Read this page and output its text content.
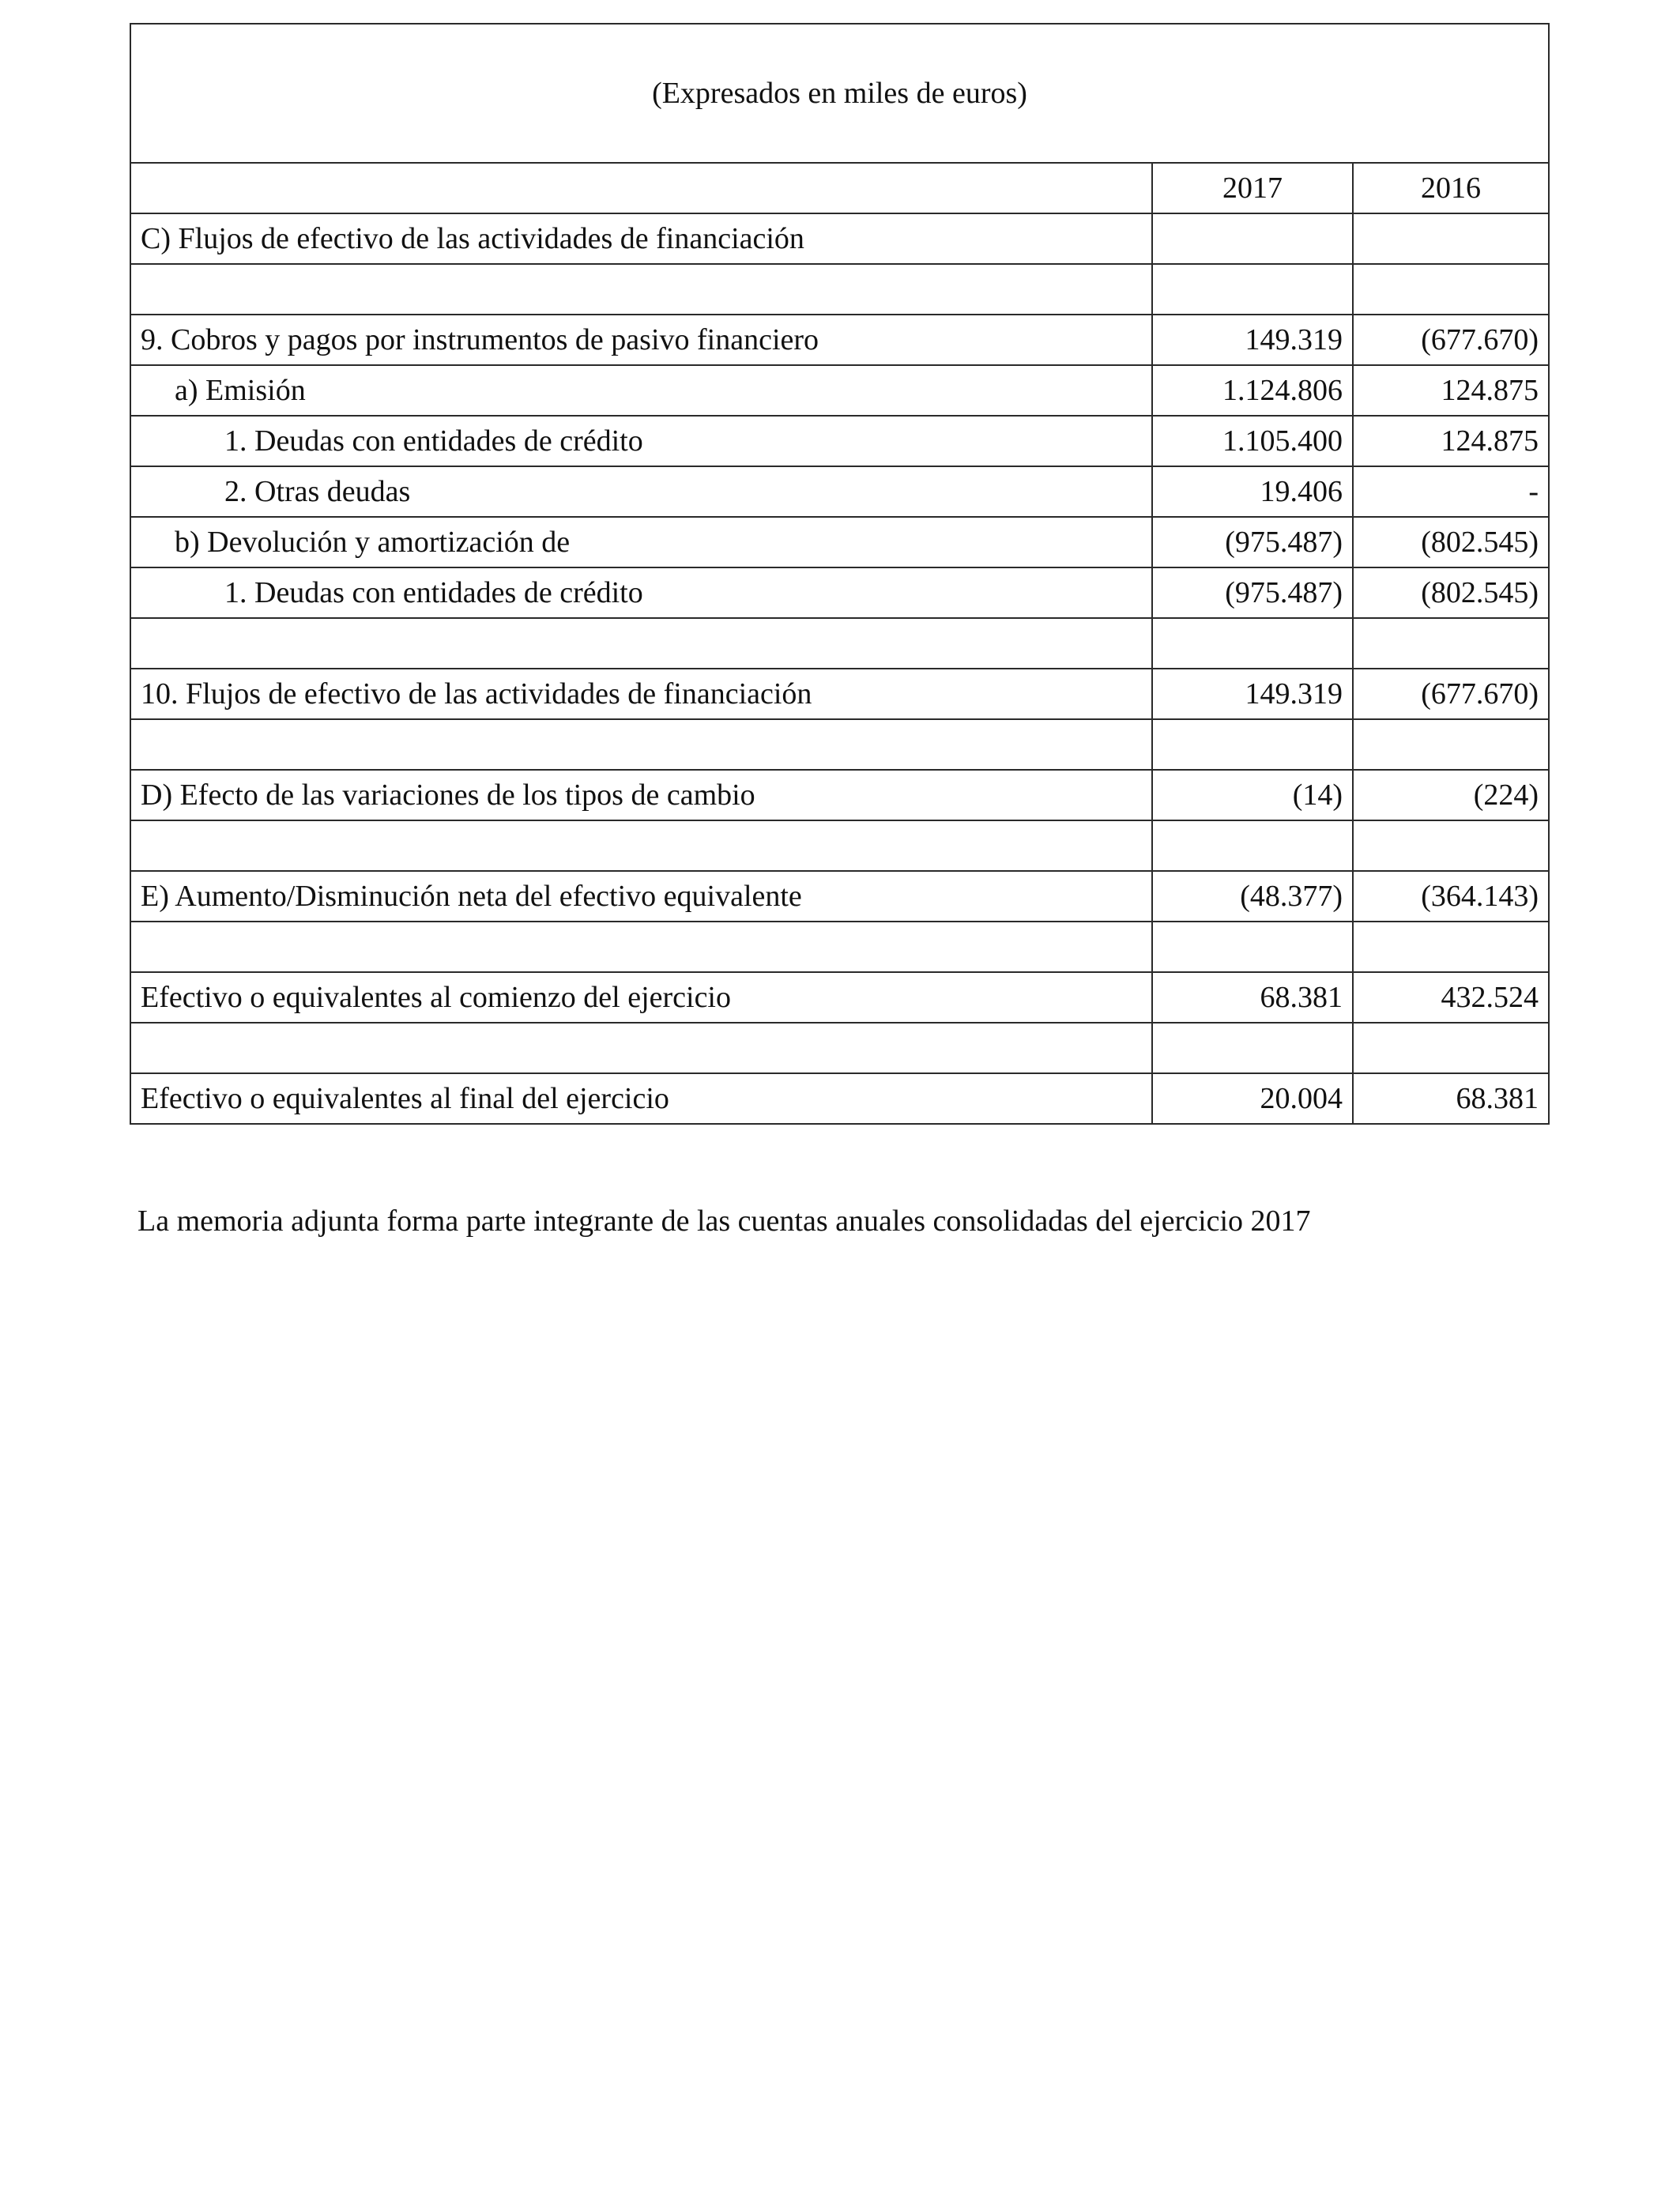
(Expresados en miles de euros)		
	2017	2016
C) Flujos de efectivo de las actividades de financiación		

9. Cobros y pagos por instrumentos de pasivo financiero	149.319	(677.670)
a) Emisión	1.124.806	124.875
1. Deudas con entidades de crédito	1.105.400	124.875
2. Otras deudas	19.406	-
b) Devolución y amortización de	(975.487)	(802.545)
1. Deudas con entidades de crédito	(975.487)	(802.545)

10. Flujos de efectivo de las actividades de financiación	149.319	(677.670)

D) Efecto de las variaciones de los tipos de cambio	(14)	(224)

E) Aumento/Disminución neta del efectivo equivalente	(48.377)	(364.143)

Efectivo o equivalentes al comienzo del ejercicio	68.381	432.524

Efectivo o equivalentes al final del ejercicio	20.004	68.381
La memoria adjunta forma parte integrante de las cuentas anuales consolidadas del ejercicio 2017
